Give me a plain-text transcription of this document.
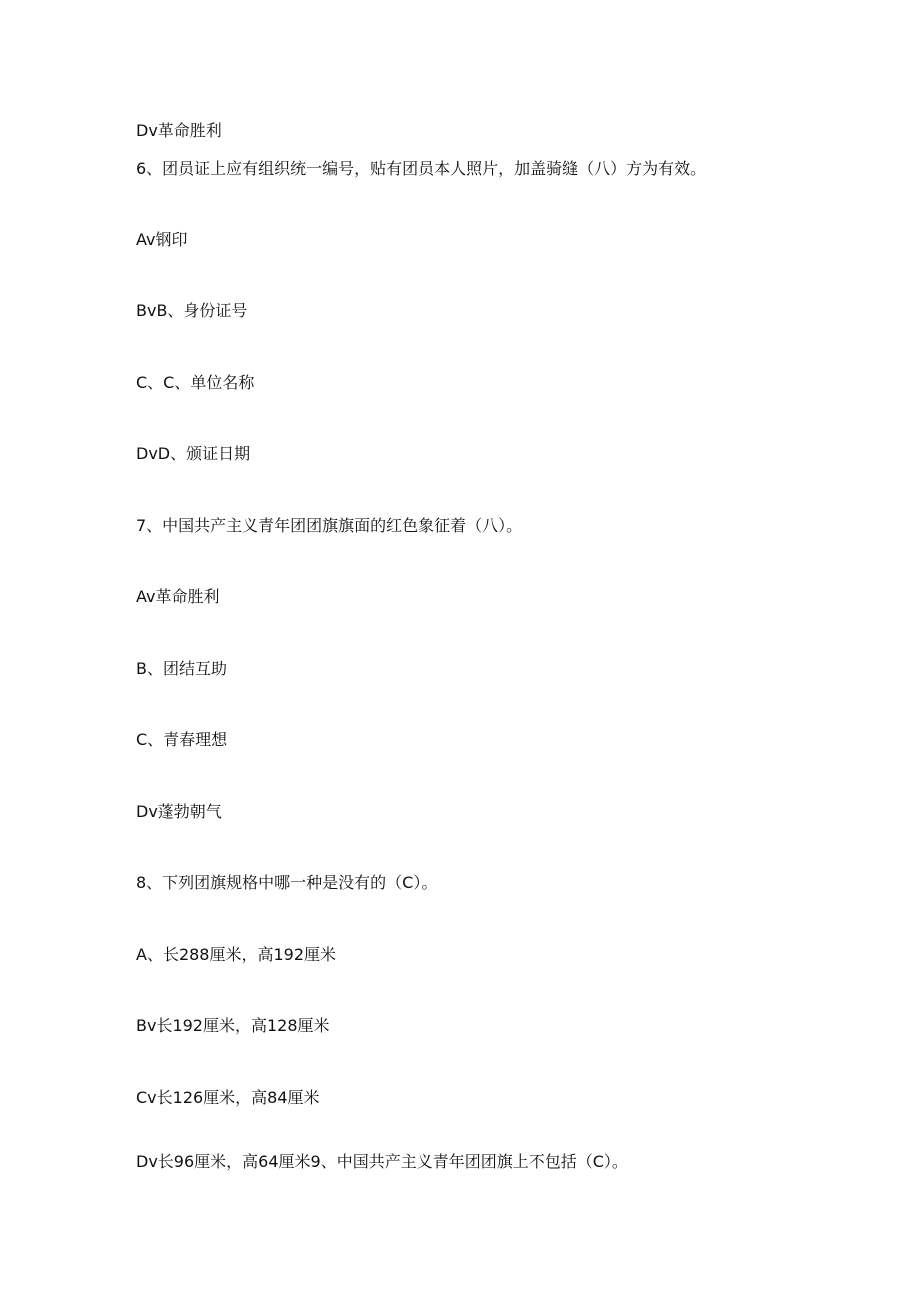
Dv革命胜利
6、团员证上应有组织统一编号，贴有团员本人照片，加盖骑缝（八）方为有效。
Av钢印
BvB、身份证号
C、C、单位名称
DvD、颁证日期
7、中国共产主义青年团团旗旗面的红色象征着（八）。
Av革命胜利
B、团结互助
C、青春理想
Dv蓬勃朝气
8、下列团旗规格中哪一种是没有的（C）。
A、长288厘米，高192厘米
Bv长192厘米，高128厘米
Cv长126厘米，高84厘米
Dv长96厘米，高64厘米9、中国共产主义青年团团旗上不包括（C）。
